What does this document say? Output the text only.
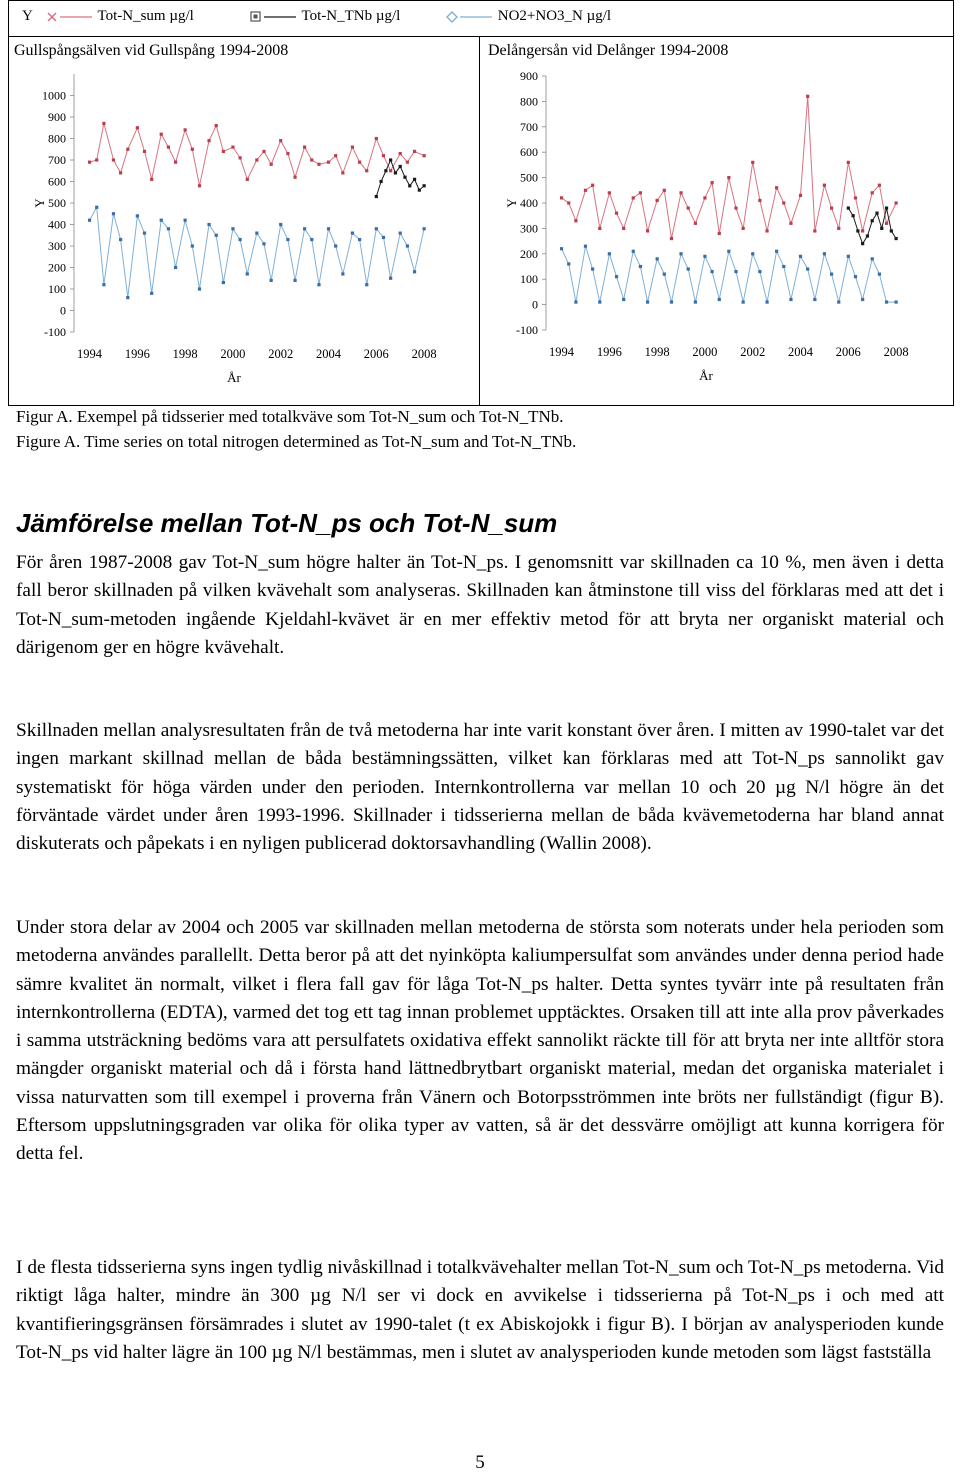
Y	Tot-N_sum µg/l	Tot-N_TNb µg/l	NO2+NO3_N µg/l
Gullspångsälven vid Gullspång 1994-2008	Delångersån vid Delånger 1994-2008
-100
0
100
200
300
400
500
600
700
800
900
1000
1994 1996 1998 2000 2002 2004 2006 2008
Y
År
-100
0
100
200
300
400
500
600
700
800
900
1994 1996 1998 2000 2002 2004 2006 2008
Y
År
Figur A. Exempel på tidsserier med totalkväve som Tot-N_sum och Tot-N_TNb.
Figure A. Time series on total nitrogen determined as Tot-N_sum and Tot-N_TNb.
Jämförelse mellan Tot-N_ps och Tot-N_sum
För åren 1987-2008 gav Tot-N_sum högre halter än Tot-N_ps. I genomsnitt var skillnaden ca 10 %, men även i detta fall beror skillnaden på vilken kvävehalt som analyseras. Skillnaden kan åtminstone till viss del förklaras med att det i Tot-N_sum-metoden ingående Kjeldahl-kvävet är en mer effektiv metod för att bryta ner organiskt material och därigenom ger en högre kvävehalt.
Skillnaden mellan analysresultaten från de två metoderna har inte varit konstant över åren. I mitten av 1990-talet var det ingen markant skillnad mellan de båda bestämningssätten, vilket kan förklaras med att Tot-N_ps sannolikt gav systematiskt för höga värden under den perioden. Internkontrollerna var mellan 10 och 20 µg N/l högre än det förväntade värdet under åren 1993-1996. Skillnader i tidsserierna mellan de båda kvävemetoderna har bland annat diskuterats och påpekats i en nyligen publicerad doktorsavhandling (Wallin 2008).
Under stora delar av 2004 och 2005 var skillnaden mellan metoderna de största som noterats under hela perioden som metoderna användes parallellt. Detta beror på att det nyinköpta kaliumpersulfat som användes under denna period hade sämre kvalitet än normalt, vilket i flera fall gav för låga Tot-N_ps halter. Detta syntes tyvärr inte på resultaten från internkontrollerna (EDTA), varmed det tog ett tag innan problemet upptäcktes. Orsaken till att inte alla prov påverkades i samma utsträckning bedöms vara att persulfatets oxidativa effekt sannolikt räckte till för att bryta ner inte alltför stora mängder organiskt material och då i första hand lättnedbrytbart organiskt material, medan det organiska materialet i vissa naturvatten som till exempel i proverna från Vänern och Botorpsströmmen inte bröts ner fullständigt (figur B). Eftersom uppslutningsgraden var olika för olika typer av vatten, så är det dessvärre omöjligt att kunna korrigera för detta fel.
I de flesta tidsserierna syns ingen tydlig nivåskillnad i totalkvävehalter mellan Tot-N_sum och Tot-N_ps metoderna. Vid riktigt låga halter, mindre än 300 µg N/l ser vi dock en avvikelse i tidsserierna på Tot-N_ps i och med att kvantifieringsgränsen försämrades i slutet av 1990-talet (t ex Abiskojokk i figur B). I början av analysperioden kunde Tot-N_ps vid halter lägre än 100 µg N/l bestämmas, men i slutet av analysperioden kunde metoden som lägst fastställa
5
